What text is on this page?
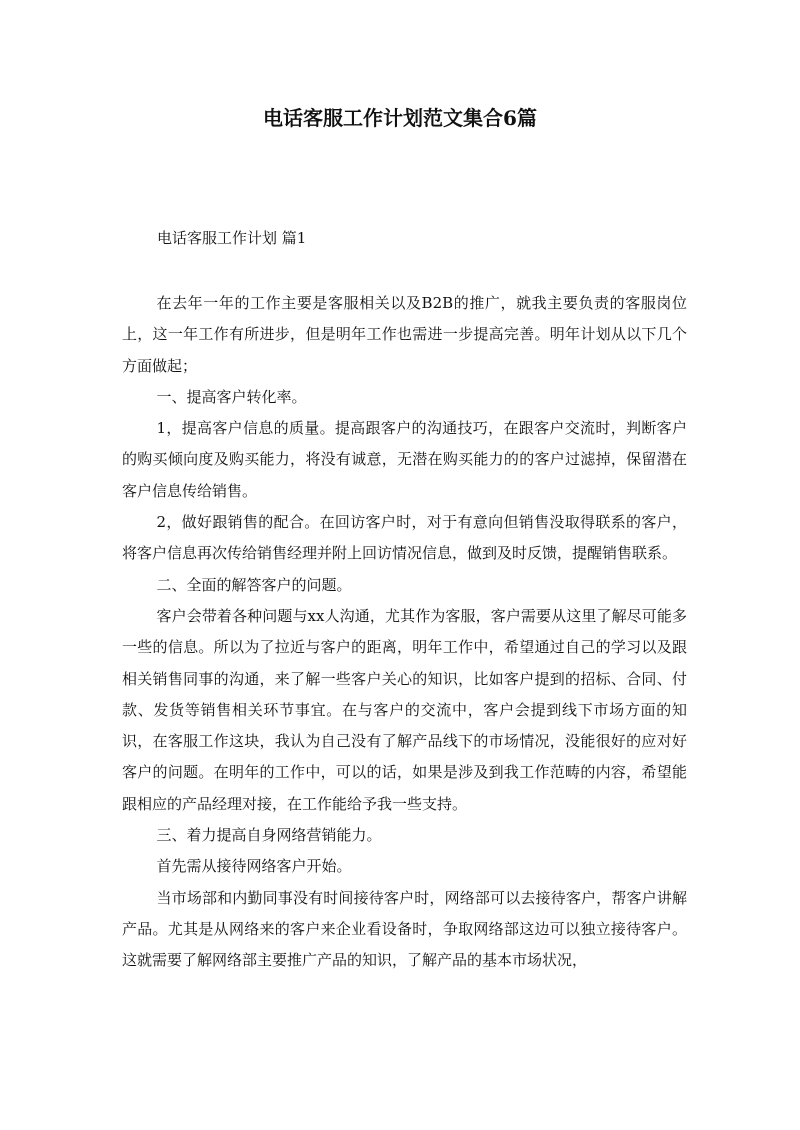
电话客服工作计划范文集合6篇
电话客服工作计划 篇1

在去年一年的工作主要是客服相关以及B2B的推广，就我主要负责的客服岗位上，这一年工作有所进步，但是明年工作也需进一步提高完善。明年计划从以下几个方面做起；

一、提高客户转化率。

1，提高客户信息的质量。提高跟客户的沟通技巧，在跟客户交流时，判断客户的购买倾向度及购买能力，将没有诚意，无潜在购买能力的的客户过滤掉，保留潜在客户信息传给销售。

2，做好跟销售的配合。在回访客户时，对于有意向但销售没取得联系的客户，将客户信息再次传给销售经理并附上回访情况信息，做到及时反馈，提醒销售联系。

二、全面的解答客户的问题。

客户会带着各种问题与xx人沟通，尤其作为客服，客户需要从这里了解尽可能多一些的信息。所以为了拉近与客户的距离，明年工作中，希望通过自己的学习以及跟相关销售同事的沟通，来了解一些客户关心的知识，比如客户提到的招标、合同、付款、发货等销售相关环节事宜。在与客户的交流中，客户会提到线下市场方面的知识，在客服工作这块，我认为自己没有了解产品线下的市场情况，没能很好的应对好客户的问题。在明年的工作中，可以的话，如果是涉及到我工作范畴的内容，希望能跟相应的产品经理对接，在工作能给予我一些支持。

三、着力提高自身网络营销能力。

首先需从接待网络客户开始。

当市场部和内勤同事没有时间接待客户时，网络部可以去接待客户，帮客户讲解产品。尤其是从网络来的客户来企业看设备时，争取网络部这边可以独立接待客户。这就需要了解网络部主要推广产品的知识，了解产品的基本市场状况，
